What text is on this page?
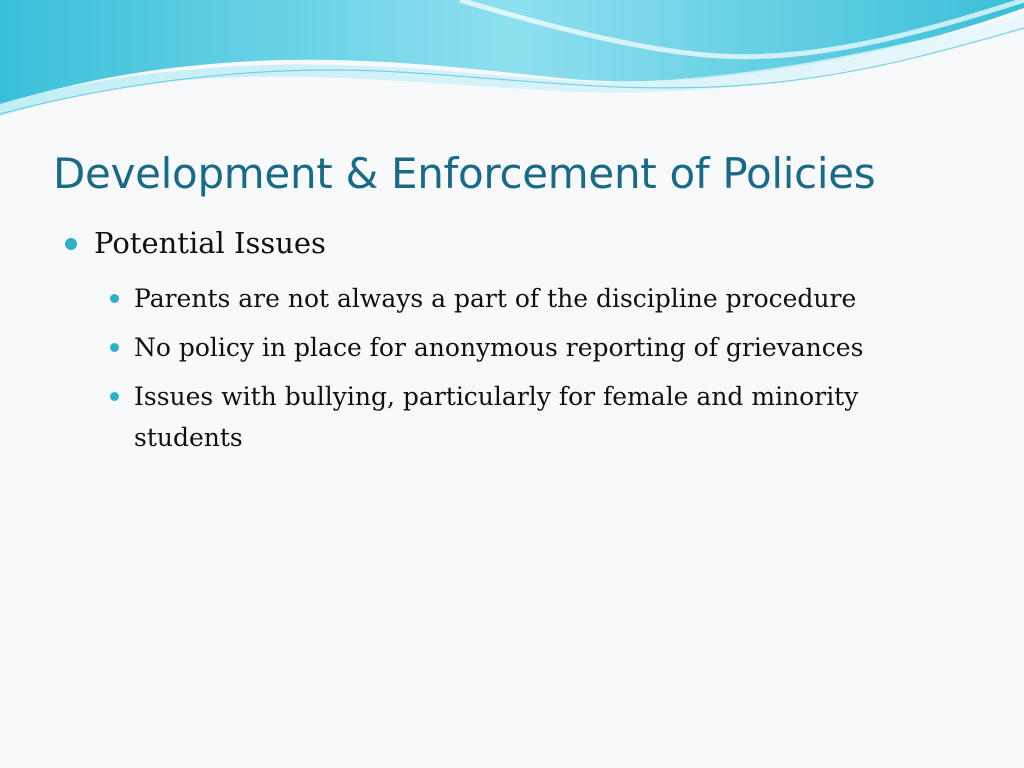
Development & Enforcement of Policies
Potential Issues
Parents are not always a part of the discipline procedure
No policy in place for anonymous reporting of grievances
Issues with bullying, particularly for female and minority students
